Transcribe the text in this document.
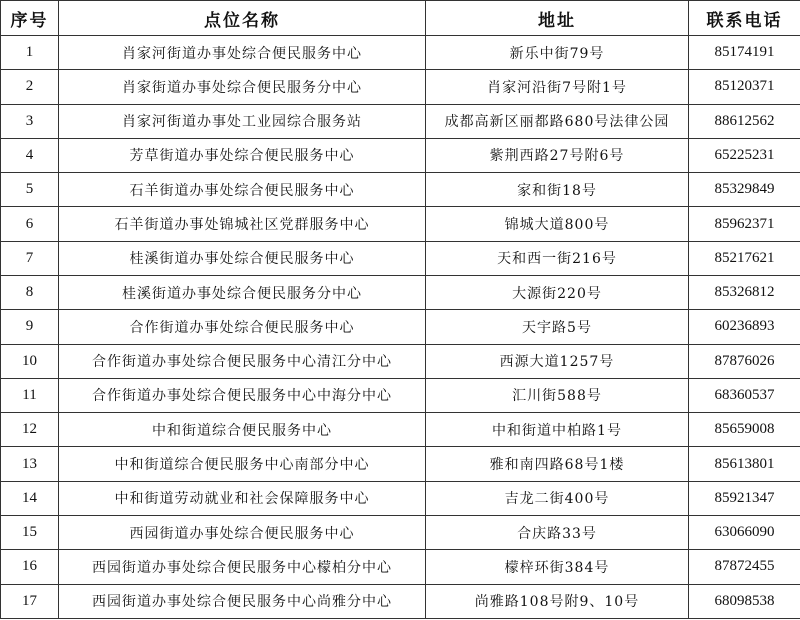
序号	点位名称	地址	联系电话
1	肖家河街道办事处综合便民服务中心	新乐中街79号	85174191
2	肖家街道办事处综合便民服务分中心	肖家河沿街7号附1号	85120371
3	肖家河街道办事处工业园综合服务站	成都高新区丽都路680号法律公园	88612562
4	芳草街道办事处综合便民服务中心	紫荆西路27号附6号	65225231
5	石羊街道办事处综合便民服务中心	家和街18号	85329849
6	石羊街道办事处锦城社区党群服务中心	锦城大道800号	85962371
7	桂溪街道办事处综合便民服务中心	天和西一街216号	85217621
8	桂溪街道办事处综合便民服务分中心	大源街220号	85326812
9	合作街道办事处综合便民服务中心	天宇路5号	60236893
10	合作街道办事处综合便民服务中心清江分中心	西源大道1257号	87876026
11	合作街道办事处综合便民服务中心中海分中心	汇川街588号	68360537
12	中和街道综合便民服务中心	中和街道中柏路1号	85659008
13	中和街道综合便民服务中心南部分中心	雅和南四路68号1楼	85613801
14	中和街道劳动就业和社会保障服务中心	吉龙二街400号	85921347
15	西园街道办事处综合便民服务中心	合庆路33号	63066090
16	西园街道办事处综合便民服务中心檬柏分中心	檬梓环街384号	87872455
17	西园街道办事处综合便民服务中心尚雅分中心	尚雅路108号附9、10号	68098538
